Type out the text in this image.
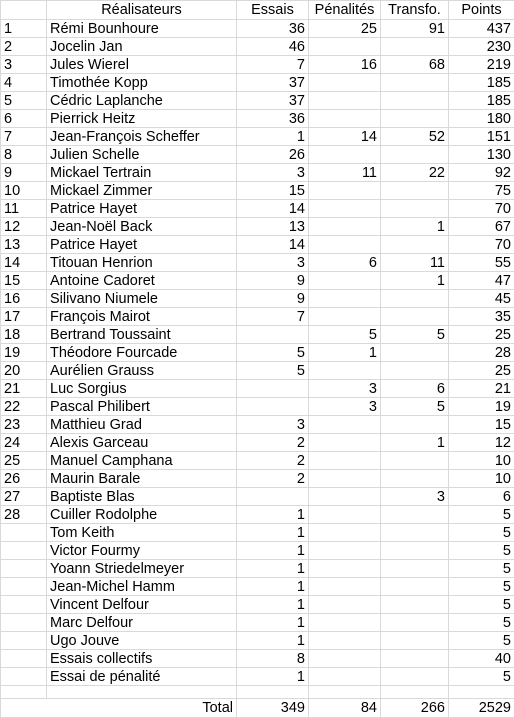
	Réalisateurs	Essais	Pénalités	Transfo.	Points
1	Rémi Bounhoure	36	25	91	437
2	Jocelin Jan	46			230
3	Jules Wierel	7	16	68	219
4	Timothée Kopp	37			185
5	Cédric Laplanche	37			185
6	Pierrick Heitz	36			180
7	Jean-François Scheffer	1	14	52	151
8	Julien Schelle	26			130
9	Mickael Tertrain	3	11	22	92
10	Mickael Zimmer	15			75
11	Patrice Hayet	14			70
12	Jean-Noël Back	13		1	67
13	Patrice Hayet	14			70
14	Titouan Henrion	3	6	11	55
15	Antoine Cadoret	9		1	47
16	Silivano Niumele	9			45
17	François Mairot	7			35
18	Bertrand Toussaint		5	5	25
19	Théodore Fourcade	5	1		28
20	Aurélien Grauss	5			25
21	Luc Sorgius		3	6	21
22	Pascal Philibert		3	5	19
23	Matthieu Grad	3			15
24	Alexis Garceau	2		1	12
25	Manuel Camphana	2			10
26	Maurin Barale	2			10
27	Baptiste Blas			3	6
28	Cuiller Rodolphe	1			5
	Tom Keith	1			5
	Victor Fourmy	1			5
	Yoann Striedelmeyer	1			5
	Jean-Michel Hamm	1			5
	Vincent Delfour	1			5
	Marc Delfour	1			5
	Ugo Jouve	1			5
	Essais collectifs	8			40
	Essai de pénalité	1			5

Total		349	84	266	2529
